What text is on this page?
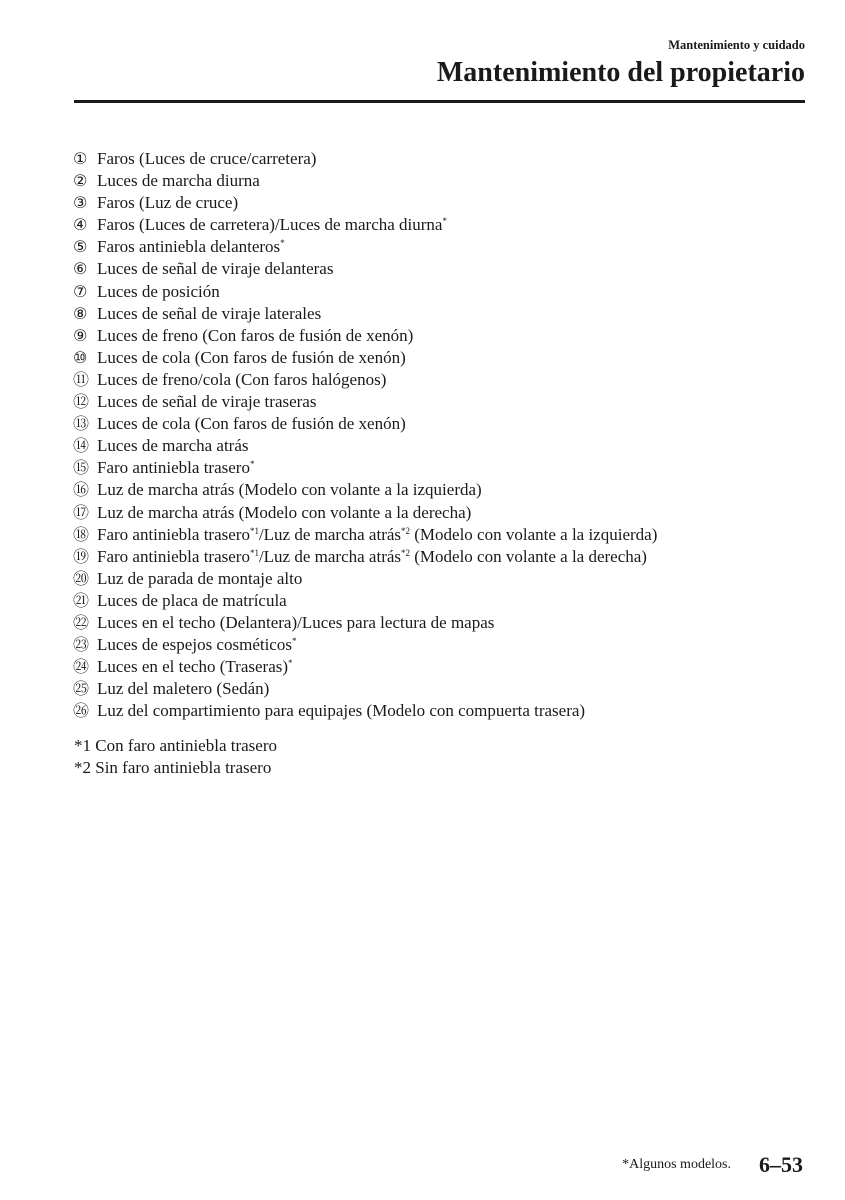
Mantenimiento y cuidado
Mantenimiento del propietario
① Faros (Luces de cruce/carretera)
② Luces de marcha diurna
③ Faros (Luz de cruce)
④ Faros (Luces de carretera)/Luces de marcha diurna*
⑤ Faros antiniebla delanteros*
⑥ Luces de señal de viraje delanteras
⑦ Luces de posición
⑧ Luces de señal de viraje laterales
⑨ Luces de freno (Con faros de fusión de xenón)
⑩ Luces de cola (Con faros de fusión de xenón)
⑪ Luces de freno/cola (Con faros halógenos)
⑫ Luces de señal de viraje traseras
⑬ Luces de cola (Con faros de fusión de xenón)
⑭ Luces de marcha atrás
⑮ Faro antiniebla trasero*
⑯ Luz de marcha atrás (Modelo con volante a la izquierda)
⑰ Luz de marcha atrás (Modelo con volante a la derecha)
⑱ Faro antiniebla trasero$^{*1}$/Luz de marcha atrás$^{*2}$ (Modelo con volante a la izquierda)
⑲ Faro antiniebla trasero$^{*1}$/Luz de marcha atrás$^{*2}$ (Modelo con volante a la derecha)
⑳ Luz de parada de montaje alto
㉑ Luces de placa de matrícula
㉒ Luces en el techo (Delantera)/Luces para lectura de mapas
㉓ Luces de espejos cosméticos*
㉔ Luces en el techo (Traseras)*
㉕ Luz del maletero (Sedán)
㉖ Luz del compartimiento para equipajes (Modelo con compuerta trasera)
*1 Con faro antiniebla trasero
*2 Sin faro antiniebla trasero
*Algunos modelos. 6–53
